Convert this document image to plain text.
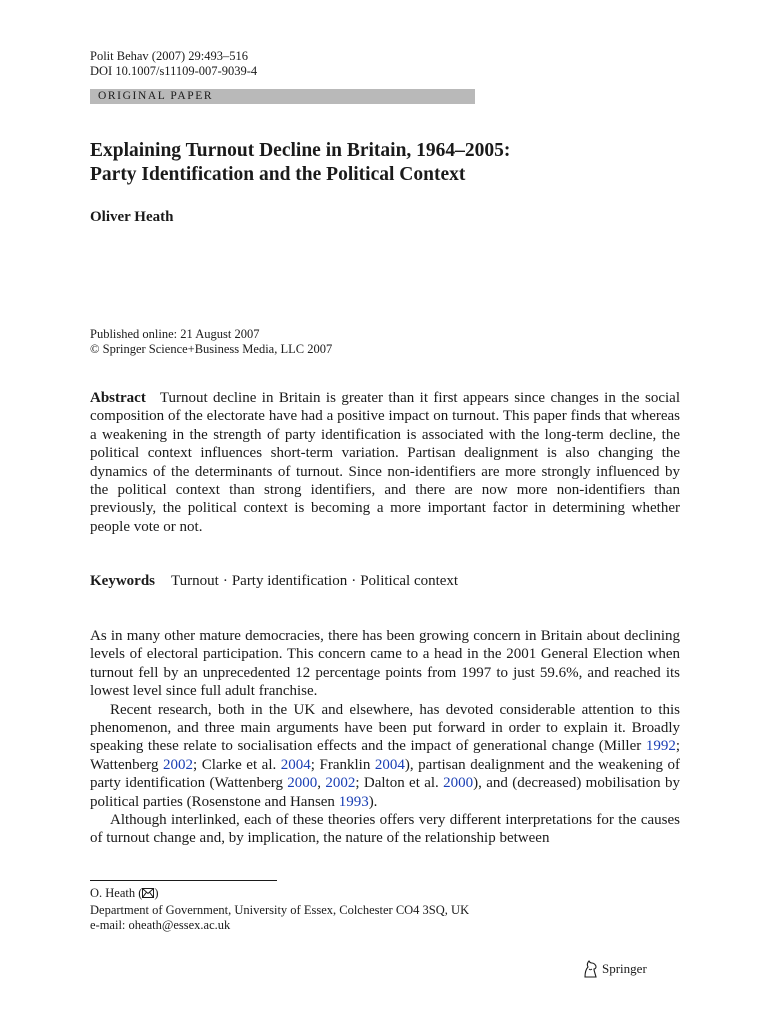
Polit Behav (2007) 29:493–516
DOI 10.1007/s11109-007-9039-4
ORIGINAL PAPER
Explaining Turnout Decline in Britain, 1964–2005:
Party Identification and the Political Context
Oliver Heath
Published online: 21 August 2007
© Springer Science+Business Media, LLC 2007
Abstract Turnout decline in Britain is greater than it first appears since changes in the social composition of the electorate have had a positive impact on turnout. This paper finds that whereas a weakening in the strength of party identification is associated with the long-term decline, the political context influences short-term variation. Partisan dealignment is also changing the dynamics of the determinants of turnout. Since non-identifiers are more strongly influenced by the political context than strong identifiers, and there are now more non-identifiers than previously, the political context is becoming a more important factor in determining whether people vote or not.
Keywords Turnout · Party identification · Political context

As in many other mature democracies, there has been growing concern in Britain about declining levels of electoral participation. This concern came to a head in the 2001 General Election when turnout fell by an unprecedented 12 percentage points from 1997 to just 59.6%, and reached its lowest level since full adult franchise.

Recent research, both in the UK and elsewhere, has devoted considerable attention to this phenomenon, and three main arguments have been put forward in order to explain it. Broadly speaking these relate to socialisation effects and the impact of generational change (Miller 1992; Wattenberg 2002; Clarke et al. 2004; Franklin 2004), partisan dealignment and the weakening of party identification (Wattenberg 2000, 2002; Dalton et al. 2000), and (decreased) mobilisation by political parties (Rosenstone and Hansen 1993).

Although interlinked, each of these theories offers very different interpretations for the causes of turnout change and, by implication, the nature of the relationship between

O. Heath ( )
Department of Government, University of Essex, Colchester CO4 3SQ, UK
e-mail: oheath@essex.ac.uk
Springer
